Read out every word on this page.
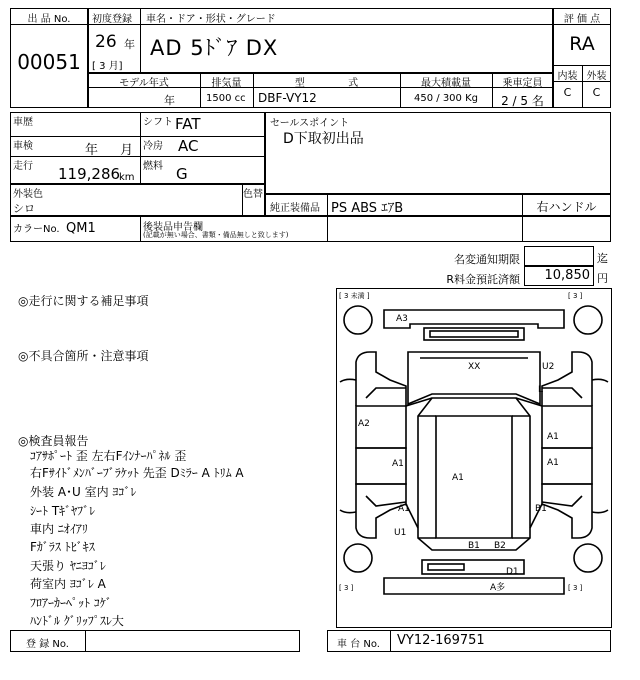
出 品 No.
00051
初度登録 車名・ドア・形状・グレード
26 年
[ 3 月]
AD 5ﾄﾞｱ DX
モデル年式	排気量	型 式	最大積載量	乗車定員
年	1500 cc DBF-VY12	450 / 300 Kg	2 / 5 名
評 価 点
RA
内装 外装
C	C
車歴
車検	年 月
走行 119,286
km
シフト FAT
冷房 AC
燃料 G
セールスポイント
D下取初出品
外装色
シロ
色替
純正装備品 PS ABS ｴｱB	右ハンドル
カラーNo. QM1	後装品申告欄
(記載が無い場合、書類・備品無しと致します)
名変通知期限	迄
R料金預託済額	10,850 円
◎走行に関する補足事項
◎不具合箇所・注意事項
◎検査員報告
ｺｱｻﾎﾟｰﾄ 歪 左右Fｲﾝﾅｰﾊﾟﾈﾙ 歪
右Fｻｲﾄﾞﾒﾝﾊﾞｰﾌﾞﾗｹｯﾄ 先歪 Dﾐﾗｰ A ﾄﾘﾑ A
外装 A･U 室内 ﾖｺﾞﾚ
ｼｰﾄ Tｷﾞﾔﾌﾞﾚ
車内 ﾆｵｲｱﾘ
Fｶﾞﾗｽ ﾄﾋﾞｷｽ
天張り ﾔﾆﾖｺﾞﾚ
荷室内 ﾖｺﾞﾚ A
ﾌﾛｱｰｶｰﾍﾟｯﾄ ｺｹﾞ
ﾊﾝﾄﾞﾙ ｸﾞﾘｯﾌﾟｽﾚ大
A3
XX	U2
L
A2
A1
A1	A1
A1
A1
B1
U1
B1 B2
D1
A多
[ 3 未満 ]	[ 3 ]
[ 3 ]	[ 3 ]
登 録 No.	車 台 No.	VY12-169751
